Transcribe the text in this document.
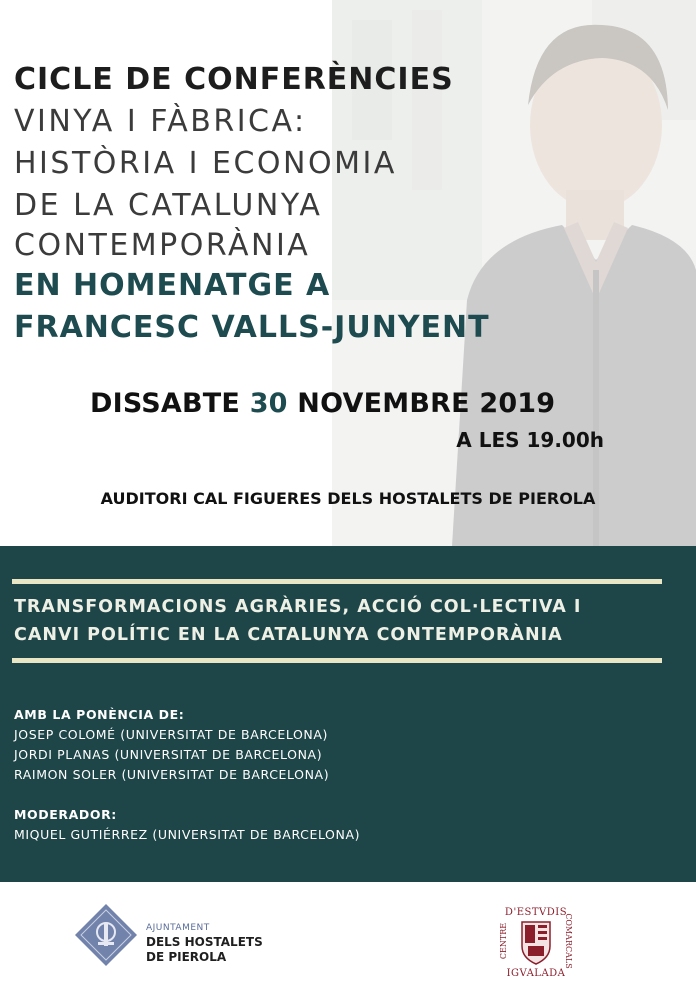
CICLE DE CONFERÈNCIES
VINYA I FÀBRICA:
HISTÒRIA I ECONOMIA
DE LA CATALUNYA
CONTEMPORÀNIA
EN HOMENATGE A
FRANCESC VALLS-JUNYENT
DISSABTE 30 NOVEMBRE 2019
A LES 19.00h
AUDITORI CAL FIGUERES DELS HOSTALETS DE PIEROLA
TRANSFORMACIONS AGRÀRIES, ACCIÓ COL·LECTIVA I
CANVI POLÍTIC EN LA CATALUNYA CONTEMPORÀNIA
AMB LA PONÈNCIA DE:
JOSEP COLOMÉ (UNIVERSITAT DE BARCELONA)
JORDI PLANAS (UNIVERSITAT DE BARCELONA)
RAIMON SOLER (UNIVERSITAT DE BARCELONA)
MODERADOR:
MIQUEL GUTIÉRREZ (UNIVERSITAT DE BARCELONA)
AJUNTAMENT
DELS HOSTALETS
DE PIEROLA
D'ESTVDIS
IGVALADA
CENTRE	COMARCALS
